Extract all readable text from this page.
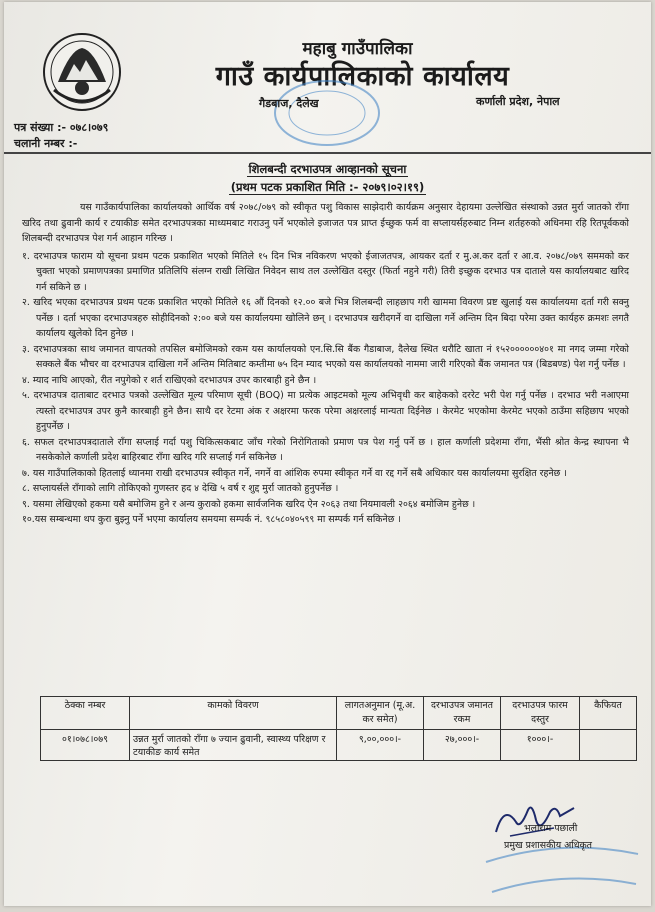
महाबु गाउँपालिका
गाउँ कार्यपालिकाको कार्यालय
गैडबाज, दैलेख	कर्णाली प्रदेश, नेपाल
पत्र संख्या :- ०७८।०७९
चलानी नम्बर :-
शिलबन्दी दरभाउपत्र आव्हानको सूचना
(प्रथम पटक प्रकाशित मिति :- २०७९।०२।१९)

यस गाउँकार्यपालिका कार्यालयको आर्थिक वर्ष २०७८/०७९ को स्वीकृत पशु विकास साझेदारी कार्यक्रम अनुसार देहायमा उल्लेखित संस्थाको उन्नत मुर्रा जातको राँगा खरिद तथा ढुवानी कार्य र टयाकीङ समेत दरभाउपत्रका माध्यमबाट गराउनु पर्ने भएकोले इजाजत पत्र प्राप्त ईच्छुक फर्म वा सप्लायर्सहरुबाट निम्न शर्तहरुको अधिनमा रहि रितपूर्वकको शिलबन्दी दरभाउपत्र पेश गर्न आहान गरिन्छ ।

१. दरभाउपत्र फाराम यो सूचना प्रथम पटक प्रकाशित भएको मितिले १५ दिन भित्र नविकरण भएको ईजाजतपत्र, आयकर दर्ता र मु.अ.कर दर्ता र आ.व. २०७८/०७९ सममको कर चुक्ता भएको प्रमाणपत्रका प्रमाणित प्रतिलिपि संलग्न राखी लिखित निवेदन साथ तल उल्लेखित दस्तुर (फिर्ता नहुने गरी) तिरी इच्छुक दरभाउ पत्र दाताले यस कार्यालयबाट खरिद गर्न सकिने छ ।

२. खरिद भएका दरभाउपत्र प्रथम पटक प्रकाशित भएको मितिले १६ औं दिनको १२.०० बजे भित्र शिलबन्दी लाहछाप गरी खाममा विवरण प्रष्ट खुलाई यस कार्यालयमा दर्ता गरी सक्नु पर्नेछ । दर्ता भएका दरभाउपत्रहरु सोहीदिनको २:०० बजे यस कार्यालयमा खोलिने छन् । दरभाउपत्र खरीदगर्ने वा दाखिला गर्ने अन्तिम दिन बिदा परेमा उक्त कार्यहरु क्रमशः लगतै कार्यालय खुलेको दिन हुनेछ ।

३. दरभाउपत्रका साथ जमानत वापतको तपसिल बमोजिमको रकम यस कार्यालयको एन.सि.सि बैंक गैडाबाज, दैलेख स्थित धरौटि खाता नं १५२००००००४०१ मा नगद जम्मा गरेको सक्कले बैंक भौचर वा दरभाउपत्र दाखिला गर्ने अन्तिम मितिबाट कम्तीमा ७५ दिन म्याद भएको यस कार्यालयको नाममा जारी गरिएको बैंक जमानत पत्र (बिडबण्ड) पेश गर्नु पर्नेछ ।

४. म्याद नाघि आएको, रीत नपुगेको र शर्त राखिएको दरभाउपत्र उपर कारबाही हुने छैन ।

५. दरभाउपत्र दाताबाट दरभाउ पत्रको उल्लेखित मूल्य परिमाण सूची (BOQ) मा प्रत्येक आइटमको मूल्य अभिवृधी कर बाहेकको दररेट भरी पेश गर्नु पर्नेछ । दरभाउ भरी नआएमा त्यस्तो दरभाउपत्र उपर कुनै कारबाही हुने छैन। साथै दर रेटमा अंक र अक्षरमा फरक परेमा अक्षरलाई मान्यता दिईनेछ । केरमेट भएकोमा केरमेट भएको ठाउँमा सहिछाप भएको हुनुपर्नेछ ।

६. सफल दरभाउपत्रदाताले राँगा सप्लाई गर्दा पशु चिकित्सकबाट जाँच गरेको निरोगिताको प्रमाण पत्र पेश गर्नु पर्ने छ । हाल कर्णाली प्रदेशमा राँगा, भैंसी श्रोत केन्द्र स्थापना भै नसकेकोले कर्णाली प्रदेश बाहिरबाट राँगा खरिद गरि सप्लाई गर्न सकिनेछ ।

७. यस गाउँपालिकाको हितलाई ध्यानमा राखी दरभाउपत्र स्वीकृत गर्ने, नगर्ने वा आंशिक रुपमा स्वीकृत गर्ने वा रद्द गर्ने सबै अधिकार यस कार्यालयमा सुरक्षित रहनेछ ।

८. सप्लायर्सले राँगाको लागि तोकिएको गुणस्तर हद ४ देखि ५ वर्ष र शुद्द मुर्रा जातको हुनुपर्नेछ ।

९. यसमा लेखिएको हकमा यसै बमोजिम हुने र अन्य कुराको हकमा सार्वजनिक खरिद ऐन २०६३ तथा नियमावली २०६४ बमोजिम हुनेछ ।

१०.यस सम्बन्धमा थप कुरा बुझ्नु पर्ने भएमा कार्यालय समयमा सम्पर्क नं. ९८५८०४०५९९ मा सम्पर्क गर्न सकिनेछ ।

ठेक्का नम्बर	कामको विवरण	लागतअनुमान (मू.अ. कर समेत)	दरभाउपत्र जमानत रकम	दरभाउपत्र फारम दस्तुर	कैफियत
०१।०७८।०७९	उन्नत मुर्रा जातको राँगा ७ ज्यान ढुवानी, स्वास्थ्य परिक्षण र टयाकीङ कार्य समेत	९,००,०००।-	२७,०००।-	१०००।-	
भलाराम पछाली
प्रमुख प्रशासकीय अधिकृत
